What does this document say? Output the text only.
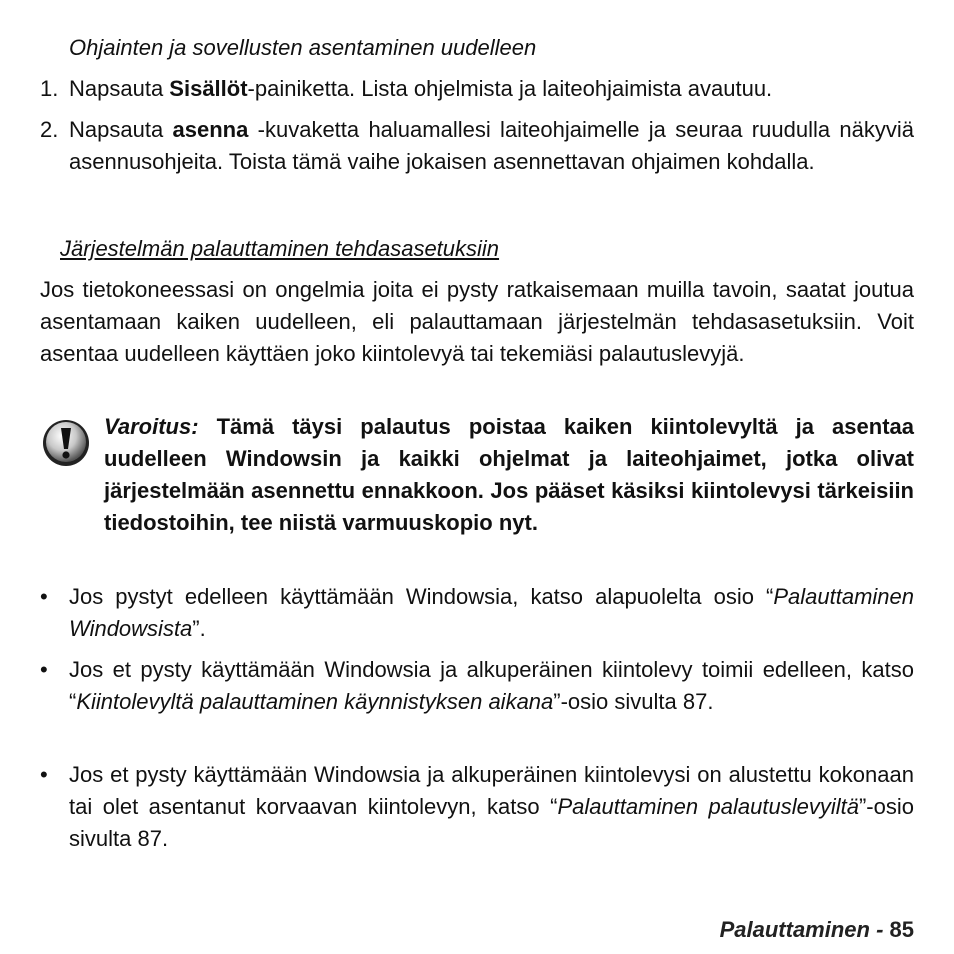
Ohjainten ja sovellusten asentaminen uudelleen
1. Napsauta Sisällöt-painiketta. Lista ohjelmista ja laiteohjaimista avautuu.
2. Napsauta asenna -kuvaketta haluamallesi laiteohjaimelle ja seuraa ruudulla näkyviä asennusohjeita. Toista tämä vaihe jokaisen asennettavan ohjaimen kohdalla.
Järjestelmän palauttaminen tehdasasetuksiin
Jos tietokoneessasi on ongelmia joita ei pysty ratkaisemaan muilla tavoin, saatat joutua asentamaan kaiken uudelleen, eli palauttamaan järjestelmän tehdasasetuksiin. Voit asentaa uudelleen käyttäen joko kiintolevyä tai tekemiäsi palautuslevyjä.
Varoitus: Tämä täysi palautus poistaa kaiken kiintolevyltä ja asentaa uudelleen Windowsin ja kaikki ohjelmat ja laiteohjaimet, jotka olivat järjestelmään asennettu ennakkoon. Jos pääset käsiksi kiintolevysi tärkeisiin tiedostoihin, tee niistä varmuuskopio nyt.
• Jos pystyt edelleen käyttämään Windowsia, katso alapuolelta osio “Palauttaminen Windowsista”.
• Jos et pysty käyttämään Windowsia ja alkuperäinen kiintolevy toimii edelleen, katso “Kiintolevyltä palauttaminen käynnistyksen aikana”-osio sivulta 87.
• Jos et pysty käyttämään Windowsia ja alkuperäinen kiintolevysi on alustettu kokonaan tai olet asentanut korvaavan kiintolevyn, katso “Palauttaminen palautuslevyiltä”-osio sivulta 87.
Palauttaminen - 85
